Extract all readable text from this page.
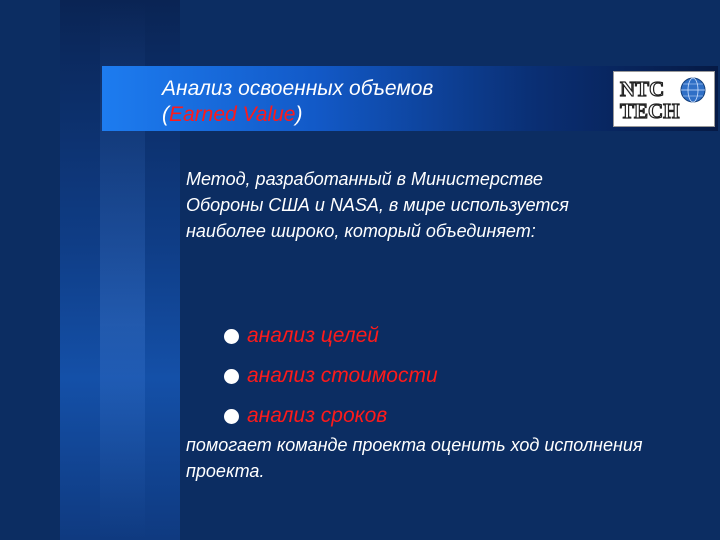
Анализ освоенных объемов
(Earned Value)
NTC
TECH
Метод, разработанный в Министерстве Обороны США и NASA, в мире используется наиболее широко, который объединяет:
анализ целей
анализ стоимости
анализ сроков
помогает команде проекта оценить ход исполнения проекта.
